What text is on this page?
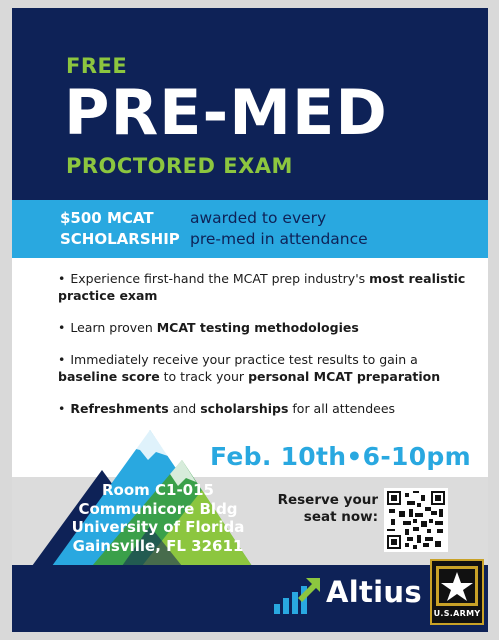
FREE
PRE-MED
PROCTORED EXAM
$500 MCAT
SCHOLARSHIP
awarded to every
pre-med in attendance
• Experience first-hand the MCAT prep industry's most realistic practice exam
• Learn proven MCAT testing methodologies
• Immediately receive your practice test results to gain a baseline score to track your personal MCAT preparation
• Refreshments and scholarships for all attendees
Feb. 10th•6-10pm
Room C1-015
Communicore Bldg
University of Florida
Gainsville, FL 32611
Reserve your
seat now:
Altius
U.S.ARMY
